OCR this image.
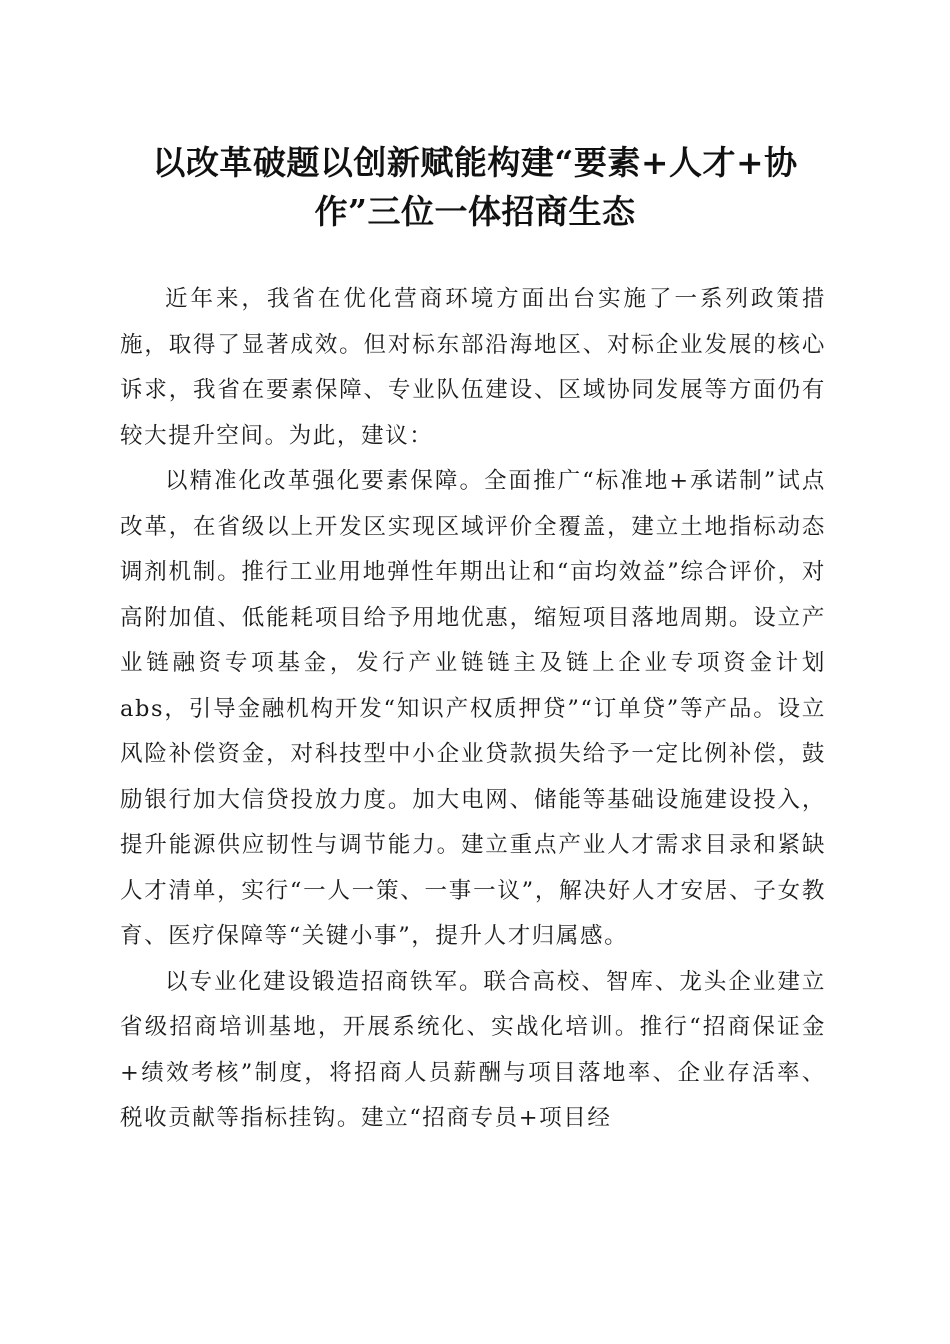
以改革破题以创新赋能构建“要素+人才+协作”三位一体招商生态

近年来，我省在优化营商环境方面出台实施了一系列政策措施，取得了显著成效。但对标东部沿海地区、对标企业发展的核心诉求，我省在要素保障、专业队伍建设、区域协同发展等方面仍有较大提升空间。为此，建议：

以精准化改革强化要素保障。全面推广“标准地+承诺制”试点改革，在省级以上开发区实现区域评价全覆盖，建立土地指标动态调剂机制。推行工业用地弹性年期出让和“亩均效益”综合评价，对高附加值、低能耗项目给予用地优惠，缩短项目落地周期。设立产业链融资专项基金，发行产业链链主及链上企业专项资金计划abs，引导金融机构开发“知识产权质押贷”“订单贷”等产品。设立风险补偿资金，对科技型中小企业贷款损失给予一定比例补偿，鼓励银行加大信贷投放力度。加大电网、储能等基础设施建设投入，提升能源供应韧性与调节能力。建立重点产业人才需求目录和紧缺人才清单，实行“一人一策、一事一议”，解决好人才安居、子女教育、医疗保障等“关键小事”，提升人才归属感。

以专业化建设锻造招商铁军。联合高校、智库、龙头企业建立省级招商培训基地，开展系统化、实战化培训。推行“招商保证金+绩效考核”制度，将招商人员薪酬与项目落地率、企业存活率、税收贡献等指标挂钩。建立“招商专员+项目经
